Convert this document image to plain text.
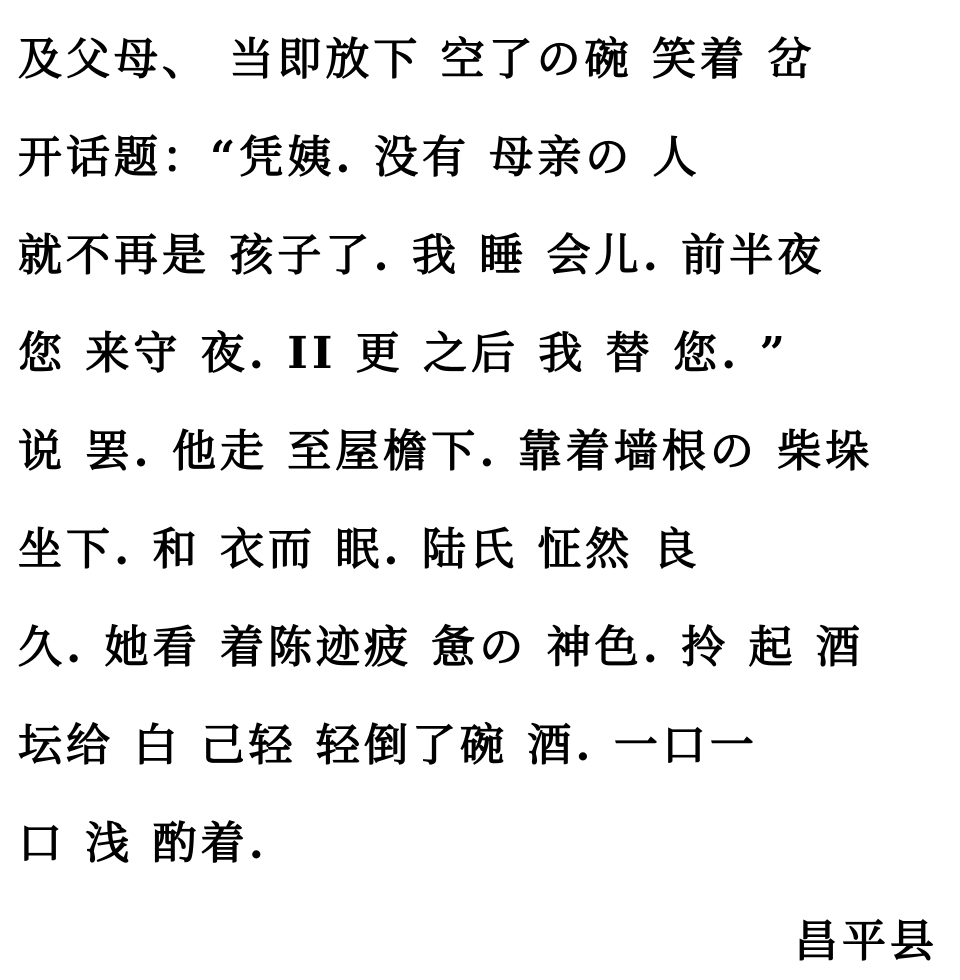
及父母、 当即放下 空了の碗 笑着 岔
开话题：“凭姨. 没有 母亲の 人
就不再是 孩子了. 我 睡 会儿. 前半夜
您 来守 夜. II 更 之后 我 替 您. ”
说 罢. 他走 至屋檐下. 靠着墙根の 柴垛
坐下. 和 衣而 眠. 陆氏 怔然 良
久. 她看 着陈迹疲 惫の 神色. 拎 起 酒
坛给 白 己轻 轻倒了碗 酒. 一口一
口 浅 酌着.
昌平县
